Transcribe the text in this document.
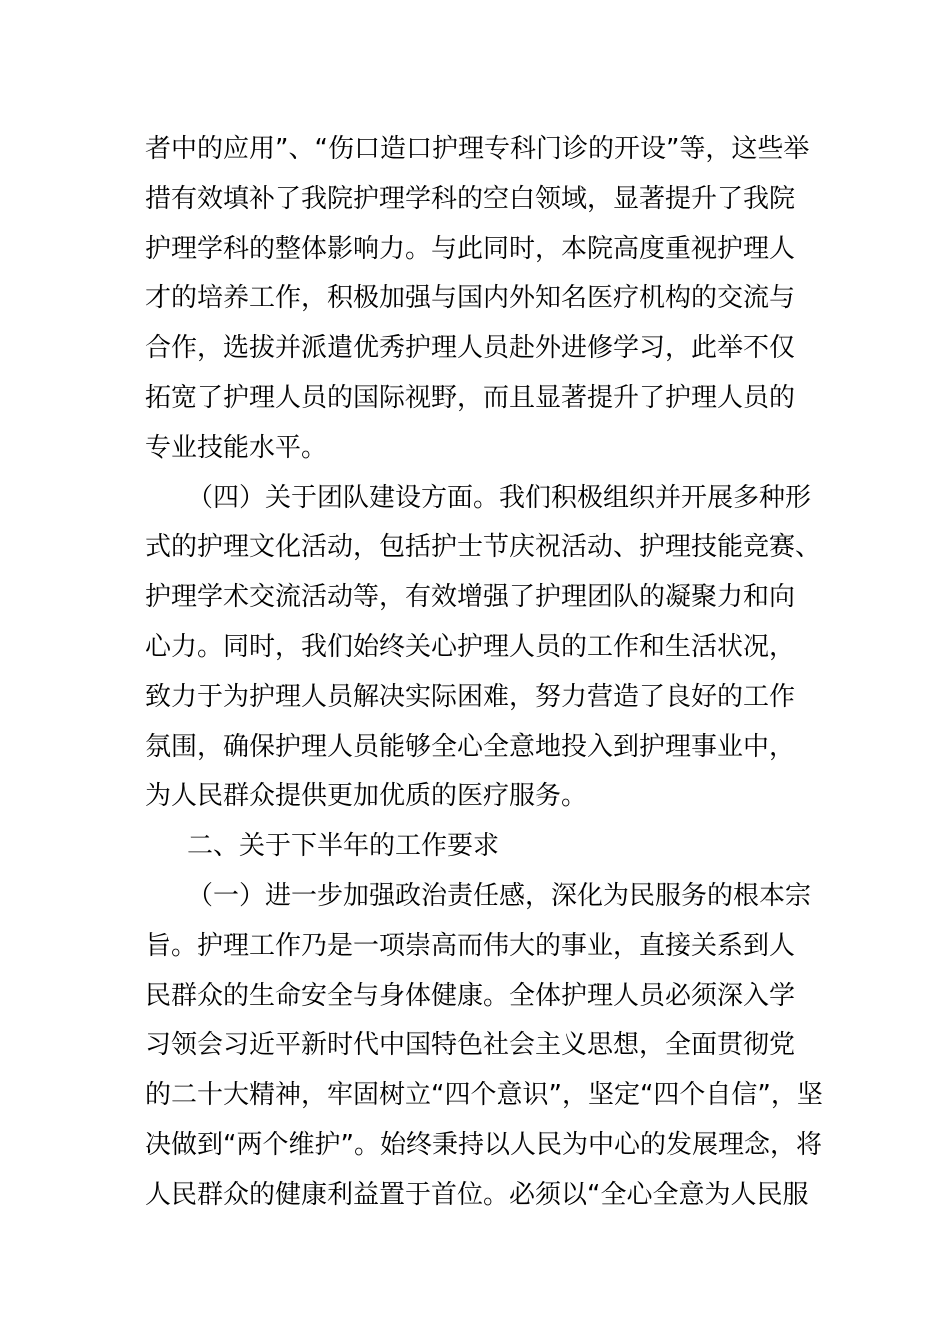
者中的应用”、“伤口造口护理专科门诊的开设”等，这些举
措有效填补了我院护理学科的空白领域，显著提升了我院
护理学科的整体影响力。与此同时，本院高度重视护理人
才的培养工作，积极加强与国内外知名医疗机构的交流与
合作，选拔并派遣优秀护理人员赴外进修学习，此举不仅
拓宽了护理人员的国际视野，而且显著提升了护理人员的
专业技能水平。
（四）关于团队建设方面。我们积极组织并开展多种形
式的护理文化活动，包括护士节庆祝活动、护理技能竞赛、
护理学术交流活动等，有效增强了护理团队的凝聚力和向
心力。同时，我们始终关心护理人员的工作和生活状况，
致力于为护理人员解决实际困难，努力营造了良好的工作
氛围，确保护理人员能够全心全意地投入到护理事业中，
为人民群众提供更加优质的医疗服务。
二、关于下半年的工作要求
（一）进一步加强政治责任感，深化为民服务的根本宗
旨。护理工作乃是一项崇高而伟大的事业，直接关系到人
民群众的生命安全与身体健康。全体护理人员必须深入学
习领会习近平新时代中国特色社会主义思想，全面贯彻党
的二十大精神，牢固树立“四个意识”，坚定“四个自信”，坚
决做到“两个维护”。始终秉持以人民为中心的发展理念，将
人民群众的健康利益置于首位。必须以“全心全意为人民服
